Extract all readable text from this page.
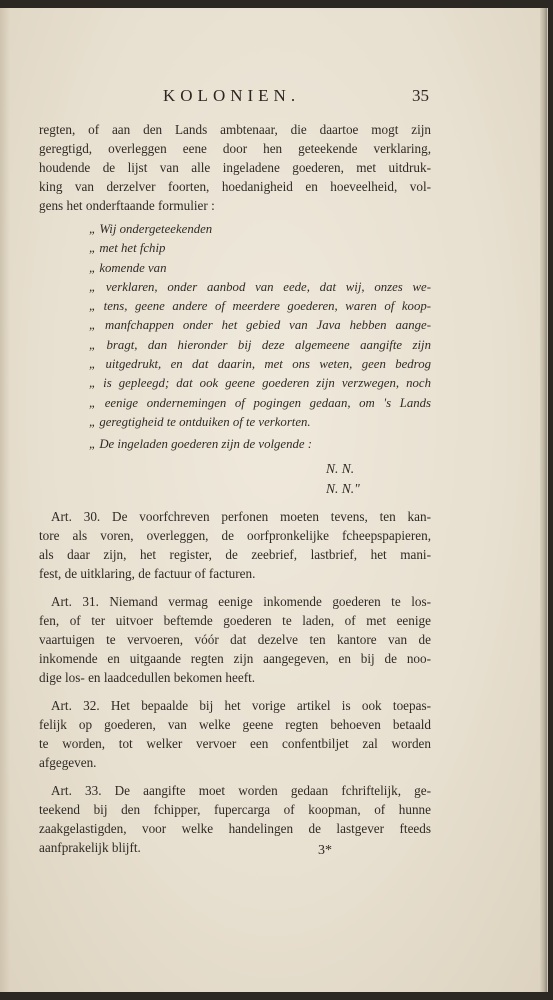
KOLONIEN.	35

regten, of aan den Lands ambtenaar, die daartoe mogt zijn
geregtigd, overleggen eene door hen geteekende verklaring,
houdende de lijst van alle ingeladene goederen, met uitdruk-
king van derzelver foorten, hoedanigheid en hoeveelheid, vol-
gens het onderftaande formulier :

„ Wij ondergeteekenden
„ met het fchip
„ komende van
„ verklaren, onder aanbod van eede, dat wij, onzes we-
„ tens, geene andere of meerdere goederen, waren of koop-
„ manfchappen onder het gebied van Java hebben aange-
„ bragt, dan hieronder bij deze algemeene aangifte zijn
„ uitgedrukt, en dat daarin, met ons weten, geen bedrog
„ is gepleegd; dat ook geene goederen zijn verzwegen, noch
„ eenige ondernemingen of pogingen gedaan, om 's Lands
„ geregtigheid te ontduiken of te verkorten.
„ De ingeladen goederen zijn de volgende :
N. N.
N. N."

Art. 30. De voorfchreven perfonen moeten tevens, ten kan-
tore als voren, overleggen, de oorfpronkelijke fcheepspapieren,
als daar zijn, het register, de zeebrief, lastbrief, het mani-
fest, de uitklaring, de factuur of facturen.

Art. 31. Niemand vermag eenige inkomende goederen te los-
fen, of ter uitvoer beftemde goederen te laden, of met eenige
vaartuigen te vervoeren, vóór dat dezelve ten kantore van de
inkomende en uitgaande regten zijn aangegeven, en bij de noo-
dige los- en laadcedullen bekomen heeft.

Art. 32. Het bepaalde bij het vorige artikel is ook toepas-
felijk op goederen, van welke geene regten behoeven betaald
te worden, tot welker vervoer een confentbiljet zal worden
afgegeven.

Art. 33. De aangifte moet worden gedaan fchriftelijk, ge-
teekend bij den fchipper, fupercarga of koopman, of hunne
zaakgelastigden, voor welke handelingen de lastgever fteeds
aanfprakelijk blijft.	3*
